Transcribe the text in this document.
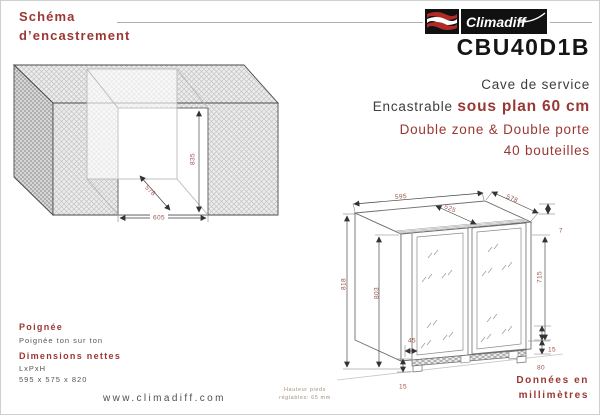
Schéma
d’encastrement
Climadiff
CBU40D1B
Cave de service
Encastrable sous plan 60 cm
Double zone & Double porte
40 bouteilles
835
578
605
595
525
578
7
818
803
715
45
15
15
80
Poignée
Poignée ton sur ton
Dimensions nettes
LxPxH
595 x 575 x 820
www.climadiff.com
Hauteur pieds
réglables: 65 mm
Données en
millimètres
